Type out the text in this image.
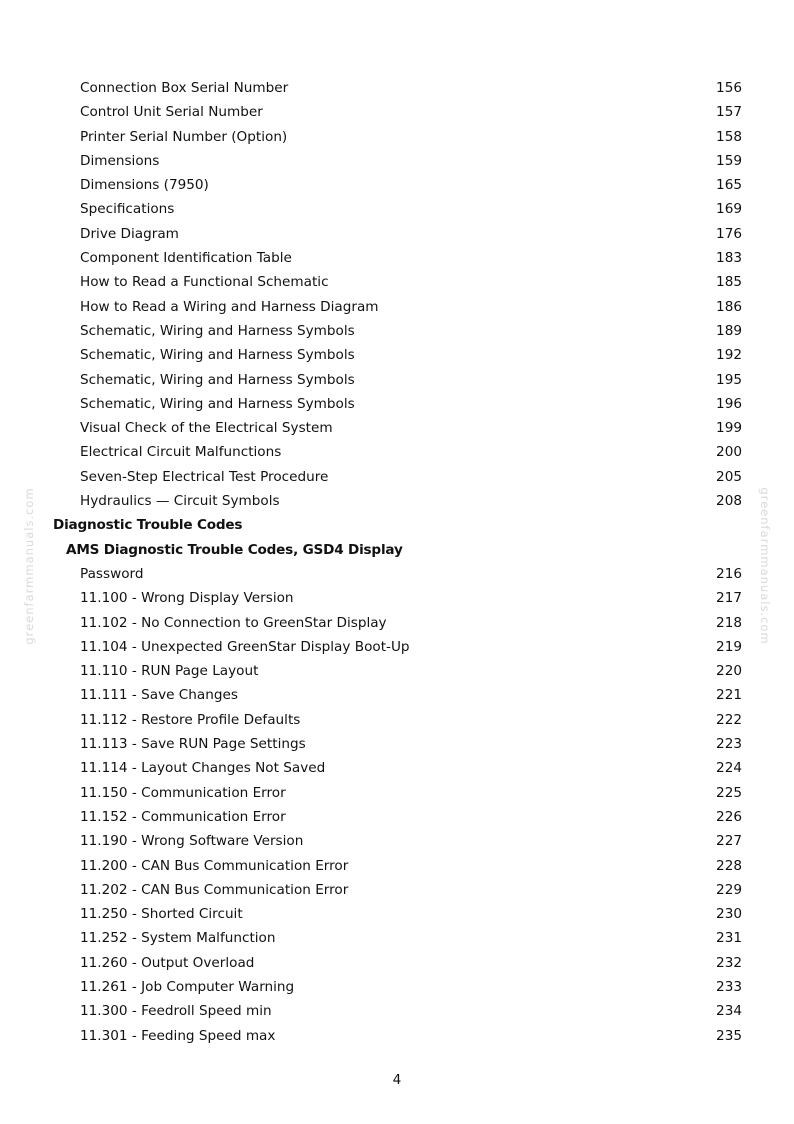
Connection Box Serial Number	156
Control Unit Serial Number	157
Printer Serial Number (Option)	158
Dimensions	159
Dimensions (7950)	165
Specifications	169
Drive Diagram	176
Component Identification Table	183
How to Read a Functional Schematic	185
How to Read a Wiring and Harness Diagram	186
Schematic, Wiring and Harness Symbols	189
Schematic, Wiring and Harness Symbols	192
Schematic, Wiring and Harness Symbols	195
Schematic, Wiring and Harness Symbols	196
Visual Check of the Electrical System	199
Electrical Circuit Malfunctions	200
Seven-Step Electrical Test Procedure	205
Hydraulics — Circuit Symbols	208
Diagnostic Trouble Codes
AMS Diagnostic Trouble Codes, GSD4 Display
Password	216
11.100 - Wrong Display Version	217
11.102 - No Connection to GreenStar Display	218
11.104 - Unexpected GreenStar Display Boot-Up	219
11.110 - RUN Page Layout	220
11.111 - Save Changes	221
11.112 - Restore Profile Defaults	222
11.113 - Save RUN Page Settings	223
11.114 - Layout Changes Not Saved	224
11.150 - Communication Error	225
11.152 - Communication Error	226
11.190 - Wrong Software Version	227
11.200 - CAN Bus Communication Error	228
11.202 - CAN Bus Communication Error	229
11.250 - Shorted Circuit	230
11.252 - System Malfunction	231
11.260 - Output Overload	232
11.261 - Job Computer Warning	233
11.300 - Feedroll Speed min	234
11.301 - Feeding Speed max	235
greenfarmmanuals.com	greenfarmmanuals.com
4
